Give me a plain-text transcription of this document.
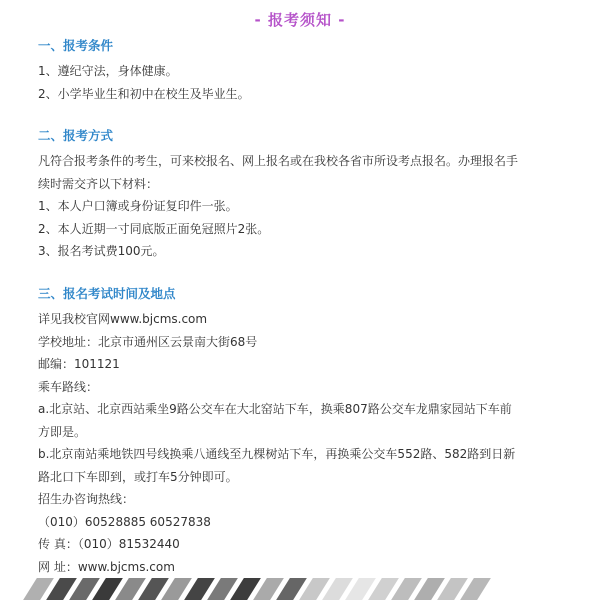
- 报考须知 -
一、报考条件
1、遵纪守法，身体健康。
2、小学毕业生和初中在校生及毕业生。
二、报考方式
凡符合报考条件的考生，可来校报名、网上报名或在我校各省市所设考点报名。办理报名手
续时需交齐以下材料：
1、本人户口簿或身份证复印件一张。
2、本人近期一寸同底版正面免冠照片2张。
3、报名考试费100元。
三、报名考试时间及地点
详见我校官网www.bjcms.com
学校地址：北京市通州区云景南大街68号
邮编：101121
乘车路线：
a.北京站、北京西站乘坐9路公交车在大北窑站下车，换乘807路公交车龙鼎家园站下车前
方即是。
b.北京南站乘地铁四号线换乘八通线至九棵树站下车，再换乘公交车552路、582路到日新
路北口下车即到，或打车5分钟即可。
招生办咨询热线：
（010）60528885 60527838
传 真：（010）81532440
网 址：www.bjcms.com
